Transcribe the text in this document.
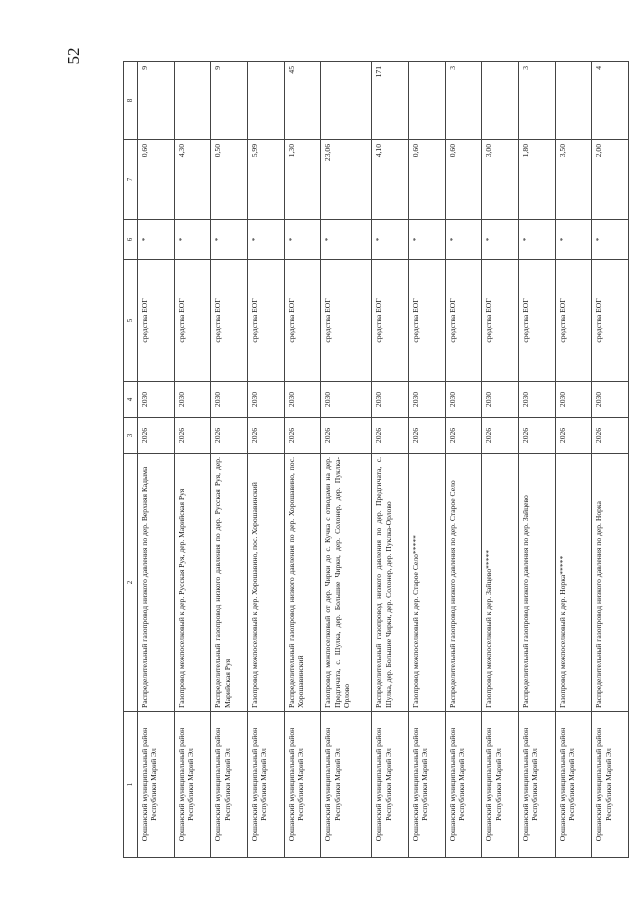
52
1	2	3	4	5	6	7	8
Оршанский муниципальный район Республики Марий Эл	Распределительный газопровод низкого давления по дер. Верхняя Кадыма	2026	2030	средства ЕОГ	*	0,60	9
Оршанский муниципальный район Республики Марий Эл	Газопровод межпоселковый к дер. Русская Руя, дер. Марийская Руя	2026	2030	средства ЕОГ	*	4,30	
Оршанский муниципальный район Республики Марий Эл	Распределительный газопровод низкого давления по дер. Русская Руя, дер. Марийская Руя	2026	2030	средства ЕОГ	*	0,50	9
Оршанский муниципальный район Республики Марий Эл	Газопровод межпоселковый к дер. Хорошавино, пос. Хорошавинский	2026	2030	средства ЕОГ	*	5,99	
Оршанский муниципальный район Республики Марий Эл	Распределительный газопровод низкого давления по дер. Хорошавино, пос. Хорошавинский	2026	2030	средства ЕОГ	*	1,30	45
Оршанский муниципальный район Республики Марий Эл	Газопровод межпоселковый от дер. Чирки до с. Кучка с отводами на дер. Предгичата, с. Шулка, дер. Большие Чирки, дер. Солонер, дер. Пуклка-Орлово	2026	2030	средства ЕОГ	*	23,06	
Оршанский муниципальный район Республики Марий Эл	Распределительный газопровод низкого давления по дер. Предгичата, с. Шулка, дер. Большие Чирки, дер. Солонер, дер. Пуклка-Орлово	2026	2030	средства ЕОГ	*	4,10	171
Оршанский муниципальный район Республики Марий Эл	Газопровод межпоселковый к дер. Старое Село*****	2026	2030	средства ЕОГ	*	0,60	
Оршанский муниципальный район Республики Марий Эл	Распределительный газопровод низкого давления по дер. Старое Село	2026	2030	средства ЕОГ	*	0,60	3
Оршанский муниципальный район Республики Марий Эл	Газопровод межпоселковый к дер. Зайцево*****	2026	2030	средства ЕОГ	*	3,00	
Оршанский муниципальный район Республики Марий Эл	Распределительный газопровод низкого давления по дер. Зайцево	2026	2030	средства ЕОГ	*	1,80	3
Оршанский муниципальный район Республики Марий Эл	Газопровод межпоселковый к дер. Норкa*****	2026	2030	средства ЕОГ	*	3,50	
Оршанский муниципальный район Республики Марий Эл	Распределительный газопровод низкого давления по дер. Норка	2026	2030	средства ЕОГ	*	2,00	4
